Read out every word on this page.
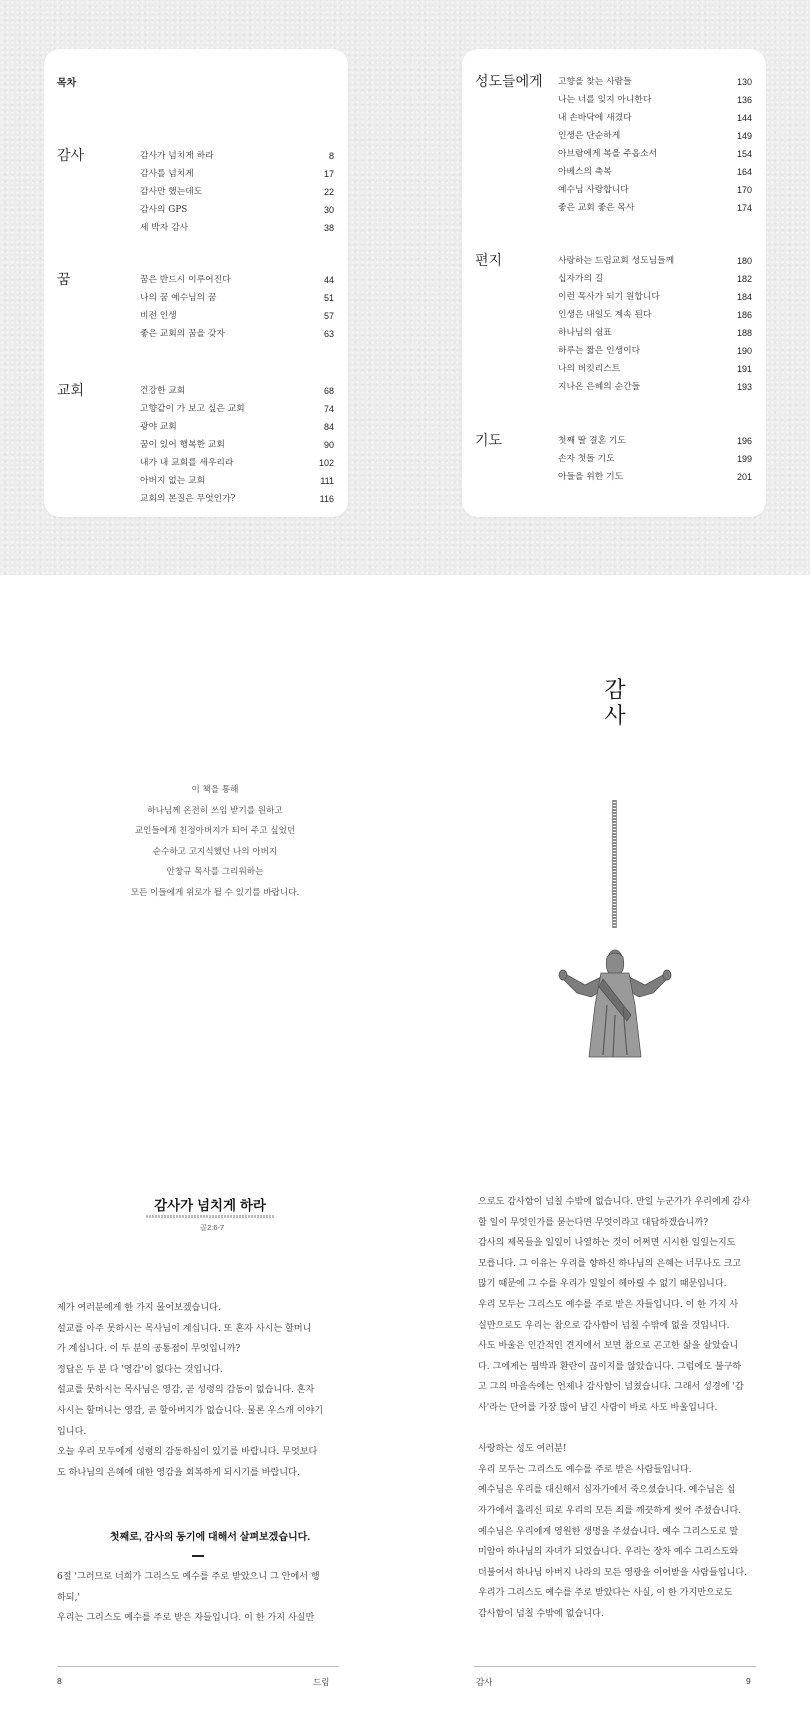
목차
감사	감사가 넘치게 하라	8
감사를 넘치게	17
감사만 했는데도	22
감사의 GPS	30
세 박자 감사	38
꿈	꿈은 반드시 이루어진다	44
나의 꿈 예수님의 꿈	51
비전 인생	57
좋은 교회의 꿈을 갖자	63
교회	건강한 교회	68
고향같이 가 보고 싶은 교회	74
광야 교회	84
꿈이 있어 행복한 교회	90
내가 내 교회를 세우리라	102
아버지 없는 교회	111
교회의 본질은 무엇인가?	116
성도들에게 고향을 찾는 사람들	130
나는 너를 잊지 아니한다	136
내 손바닥에 새겼다	144
인생은 단순하게	149
아브람에게 복을 주옵소서	154
아베스의 축복	164
예수님 사랑합니다	170
좋은 교회 좋은 목사	174
편지	사랑하는 드림교회 성도님들께	180
십자가의 길	182
이런 목사가 되기 원합니다	184
인생은 내일도 계속 된다	186
하나님의 쉼표	188
하루는 짧은 인생이다	190
나의 버킷리스트	191
지나온 은혜의 순간들	193
기도	첫째 딸 결혼 기도	196
손자 첫돌 기도	199
아들을 위한 기도	201
이 책을 통해
하나님께 온전히 쓰임 받기를 원하고
교인들에게 친정아버지가 되어 주고 싶었던
순수하고 고지식했던 나의 아버지
안창규 목사를 그리워하는
모든 이들에게 위로가 될 수 있기를 바랍니다.
감
사
감사가 넘치게 하라
골2:6-7
제가 여러분에게 한 가지 물어보겠습니다.
설교를 아주 못하시는 목사님이 계십니다. 또 혼자 사시는 할머니
가 계십니다. 이 두 분의 공통점이 무엇입니까?
정답은 두 분 다 '영감'이 없다는 것입니다.
설교를 못하시는 목사님은 영감, 곧 성령의 감동이 없습니다. 혼자
사시는 할머니는 영감, 곧 할아버지가 없습니다. 물론 우스개 이야기
입니다.
오늘 우리 모두에게 성령의 감동하심이 있기를 바랍니다. 무엇보다
도 하나님의 은혜에 대한 영감을 회복하게 되시기를 바랍니다.
첫째로, 감사의 동기에 대해서 살펴보겠습니다.
6절 '그러므로 너희가 그리스도 예수를 주로 받았으니 그 안에서 행
하되,'
우리는 그리스도 예수를 주로 받은 자들입니다. 이 한 가지 사실만
으로도 감사함이 넘칠 수밖에 없습니다. 만일 누군가가 우리에게 감사
할 일이 무엇인가를 묻는다면 무엇이라고 대답하겠습니까?
감사의 제목들을 일일이 나열하는 것이 어쩌면 시시한 일일는지도
모릅니다. 그 이유는 우리를 향하신 하나님의 은혜는 너무나도 크고
많기 때문에 그 수를 우리가 일일이 헤아릴 수 없기 때문입니다.
우리 모두는 그리스도 예수를 주로 받은 자들입니다. 이 한 가지 사
실만으로도 우리는 참으로 감사함이 넘칠 수밖에 없을 것입니다.
사도 바울은 인간적인 견지에서 보면 참으로 곤고한 삶을 살았습니
다. 그에게는 핍박과 환란이 끊이지를 않았습니다. 그럼에도 불구하
고 그의 마음속에는 언제나 감사함이 넘쳤습니다. 그래서 성경에 '감
사'라는 단어를 가장 많이 남긴 사람이 바로 사도 바울입니다.
사랑하는 성도 여러분!
우리 모두는 그리스도 예수를 주로 받은 사람들입니다.
예수님은 우리를 대신해서 십자가에서 죽으셨습니다. 예수님은 십
자가에서 흘리신 피로 우리의 모든 죄를 깨끗하게 씻어 주셨습니다.
예수님은 우리에게 영원한 생명을 주셨습니다. 예수 그리스도로 말
미암아 하나님의 자녀가 되었습니다. 우리는 장차 예수 그리스도와
더불어서 하나님 아버지 나라의 모든 영광을 이어받을 사람들입니다.
우리가 그리스도 예수를 주로 받았다는 사실, 이 한 가지만으로도
감사함이 넘칠 수밖에 없습니다.
8	드림	감사	9
